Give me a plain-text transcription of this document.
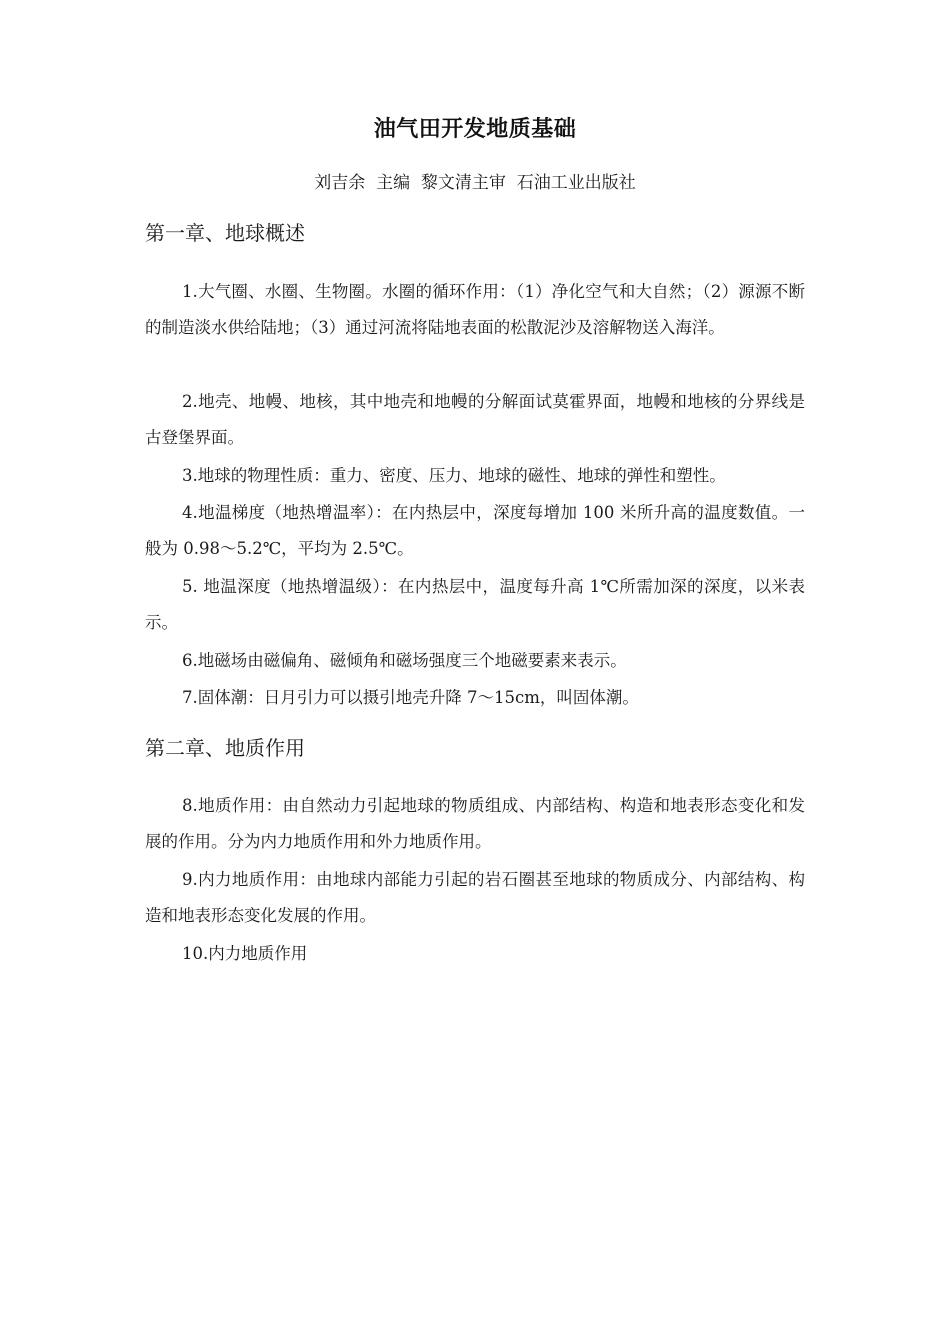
油气田开发地质基础
刘吉余  主编  黎文清主审  石油工业出版社
第一章、地球概述
1.大气圈、水圈、生物圈。水圈的循环作用：（1）净化空气和大自然；（2）源源不断的制造淡水供给陆地；（3）通过河流将陆地表面的松散泥沙及溶解物送入海洋。
2.地壳、地幔、地核，其中地壳和地幔的分解面试莫霍界面，地幔和地核的分界线是古登堡界面。
3.地球的物理性质：重力、密度、压力、地球的磁性、地球的弹性和塑性。
4.地温梯度（地热增温率）：在内热层中，深度每增加 100 米所升高的温度数值。一般为 0.98～5.2℃，平均为 2.5℃。
5. 地温深度（地热增温级）：在内热层中，温度每升高 1℃所需加深的深度，以米表示。
6.地磁场由磁偏角、磁倾角和磁场强度三个地磁要素来表示。
7.固体潮：日月引力可以摄引地壳升降 7～15cm，叫固体潮。
第二章、地质作用
8.地质作用：由自然动力引起地球的物质组成、内部结构、构造和地表形态变化和发展的作用。分为内力地质作用和外力地质作用。
9.内力地质作用：由地球内部能力引起的岩石圈甚至地球的物质成分、内部结构、构造和地表形态变化发展的作用。
10.内力地质作用
